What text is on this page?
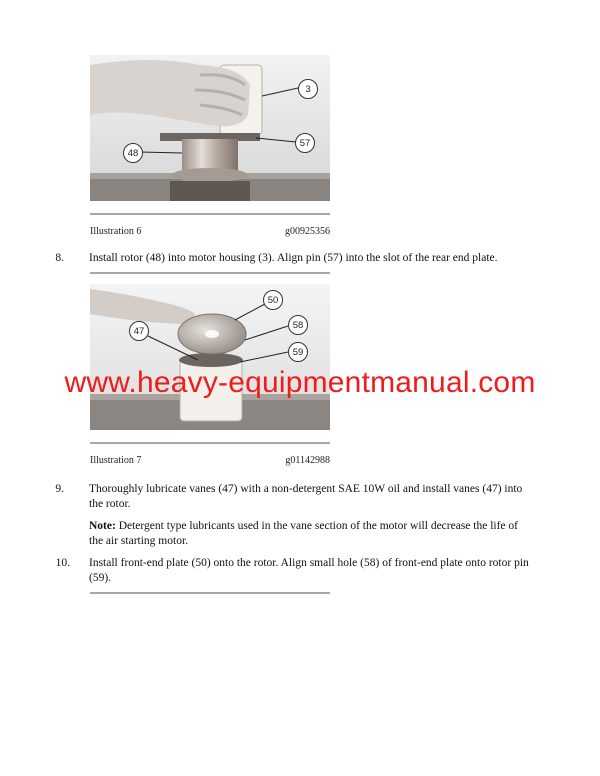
3
57
48
Illustration 6	g00925356
8. Install rotor (48) into motor housing (3). Align pin (57) into the slot of the rear end plate.
50
47
58
59
Illustration 7	g01142988
www.heavy-equipmentmanual.com
9. Thoroughly lubricate vanes (47) with a non-detergent SAE 10W oil and install vanes (47) into
the rotor.
Note: Detergent type lubricants used in the vane section of the motor will decrease the life of
the air starting motor.
10. Install front-end plate (50) onto the rotor. Align small hole (58) of front-end plate onto rotor pin
(59).
